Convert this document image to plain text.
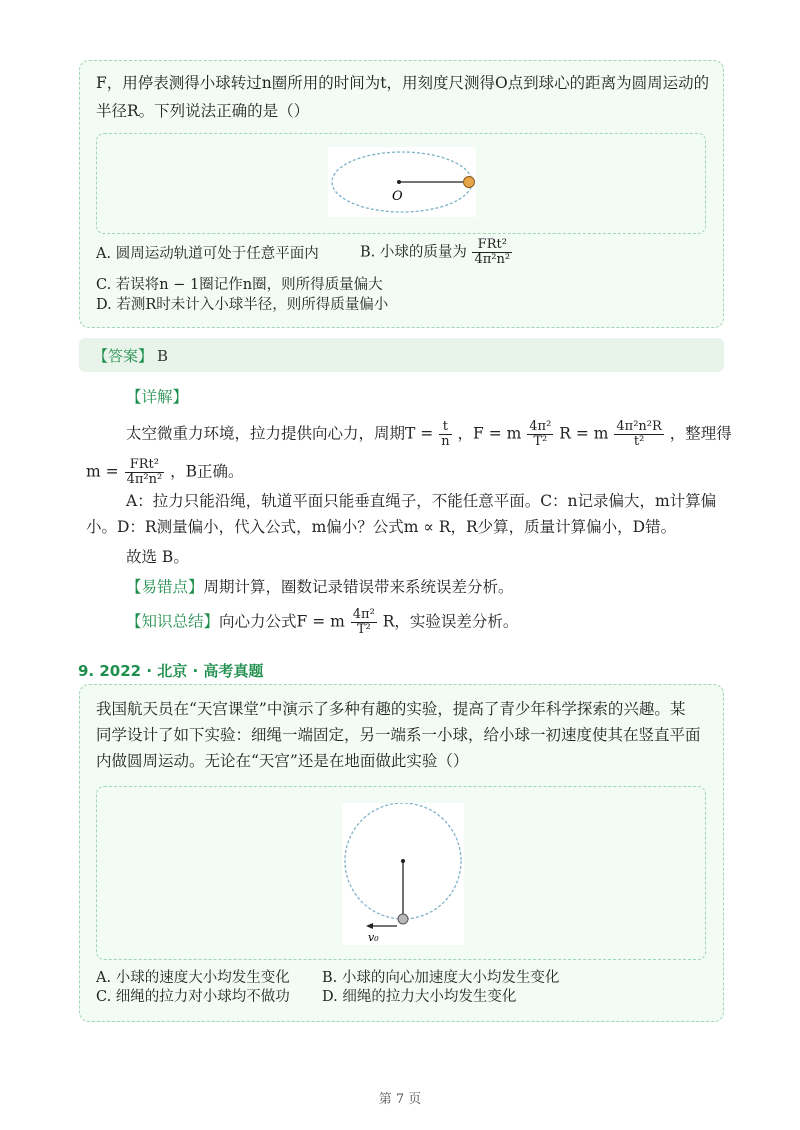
F，用停表测得小球转过n圈所用的时间为t，用刻度尺测得O点到球心的距离为圆周运动的
半径R。下列说法正确的是（）
O
A. 圆周运动轨道可处于任意平面内	B. 小球的质量为 $\frac{\text{FRt²}}{\text{4π²n²}}$
C. 若误将n − 1圈记作n圈，则所得质量偏大
D. 若测R时未计入小球半径，则所得质量偏小
【答案】 B
【详解】
太空微重力环境，拉力提供向心力，周期$T = \frac{t}{n}$ ，F = m $\frac{\text{4π²}}{\text{T²}}$ R = m $\frac{\text{4π²n²R}}{\text{t²}}$ ，整理得
$m = \frac{\text{FRt²}}{\text{4π²n²}}$ ，B正确。
A：拉力只能沿绳，轨道平面只能垂直绳子，不能任意平面。C：n记录偏大，m计算偏
小。D：R测量偏小，代入公式，m偏小？公式m ∝ R，R少算，质量计算偏小，D错。
故选 B。
【易错点】周期计算，圈数记录错误带来系统误差分析。
【知识总结】向心力公式F = m $\frac{\text{4π²}}{\text{T²}}$ R，实验误差分析。
9. 2022 · 北京 · 高考真题
我国航天员在“天宫课堂”中演示了多种有趣的实验，提高了青少年科学探索的兴趣。某
同学设计了如下实验：细绳一端固定，另一端系一小球，给小球一初速度使其在竖直平面
内做圆周运动。无论在“天宫”还是在地面做此实验（）
v₀
A. 小球的速度大小均发生变化 B. 小球的向心加速度大小均发生变化
C. 细绳的拉力对小球均不做功 D. 细绳的拉力大小均发生变化
第 7 页
